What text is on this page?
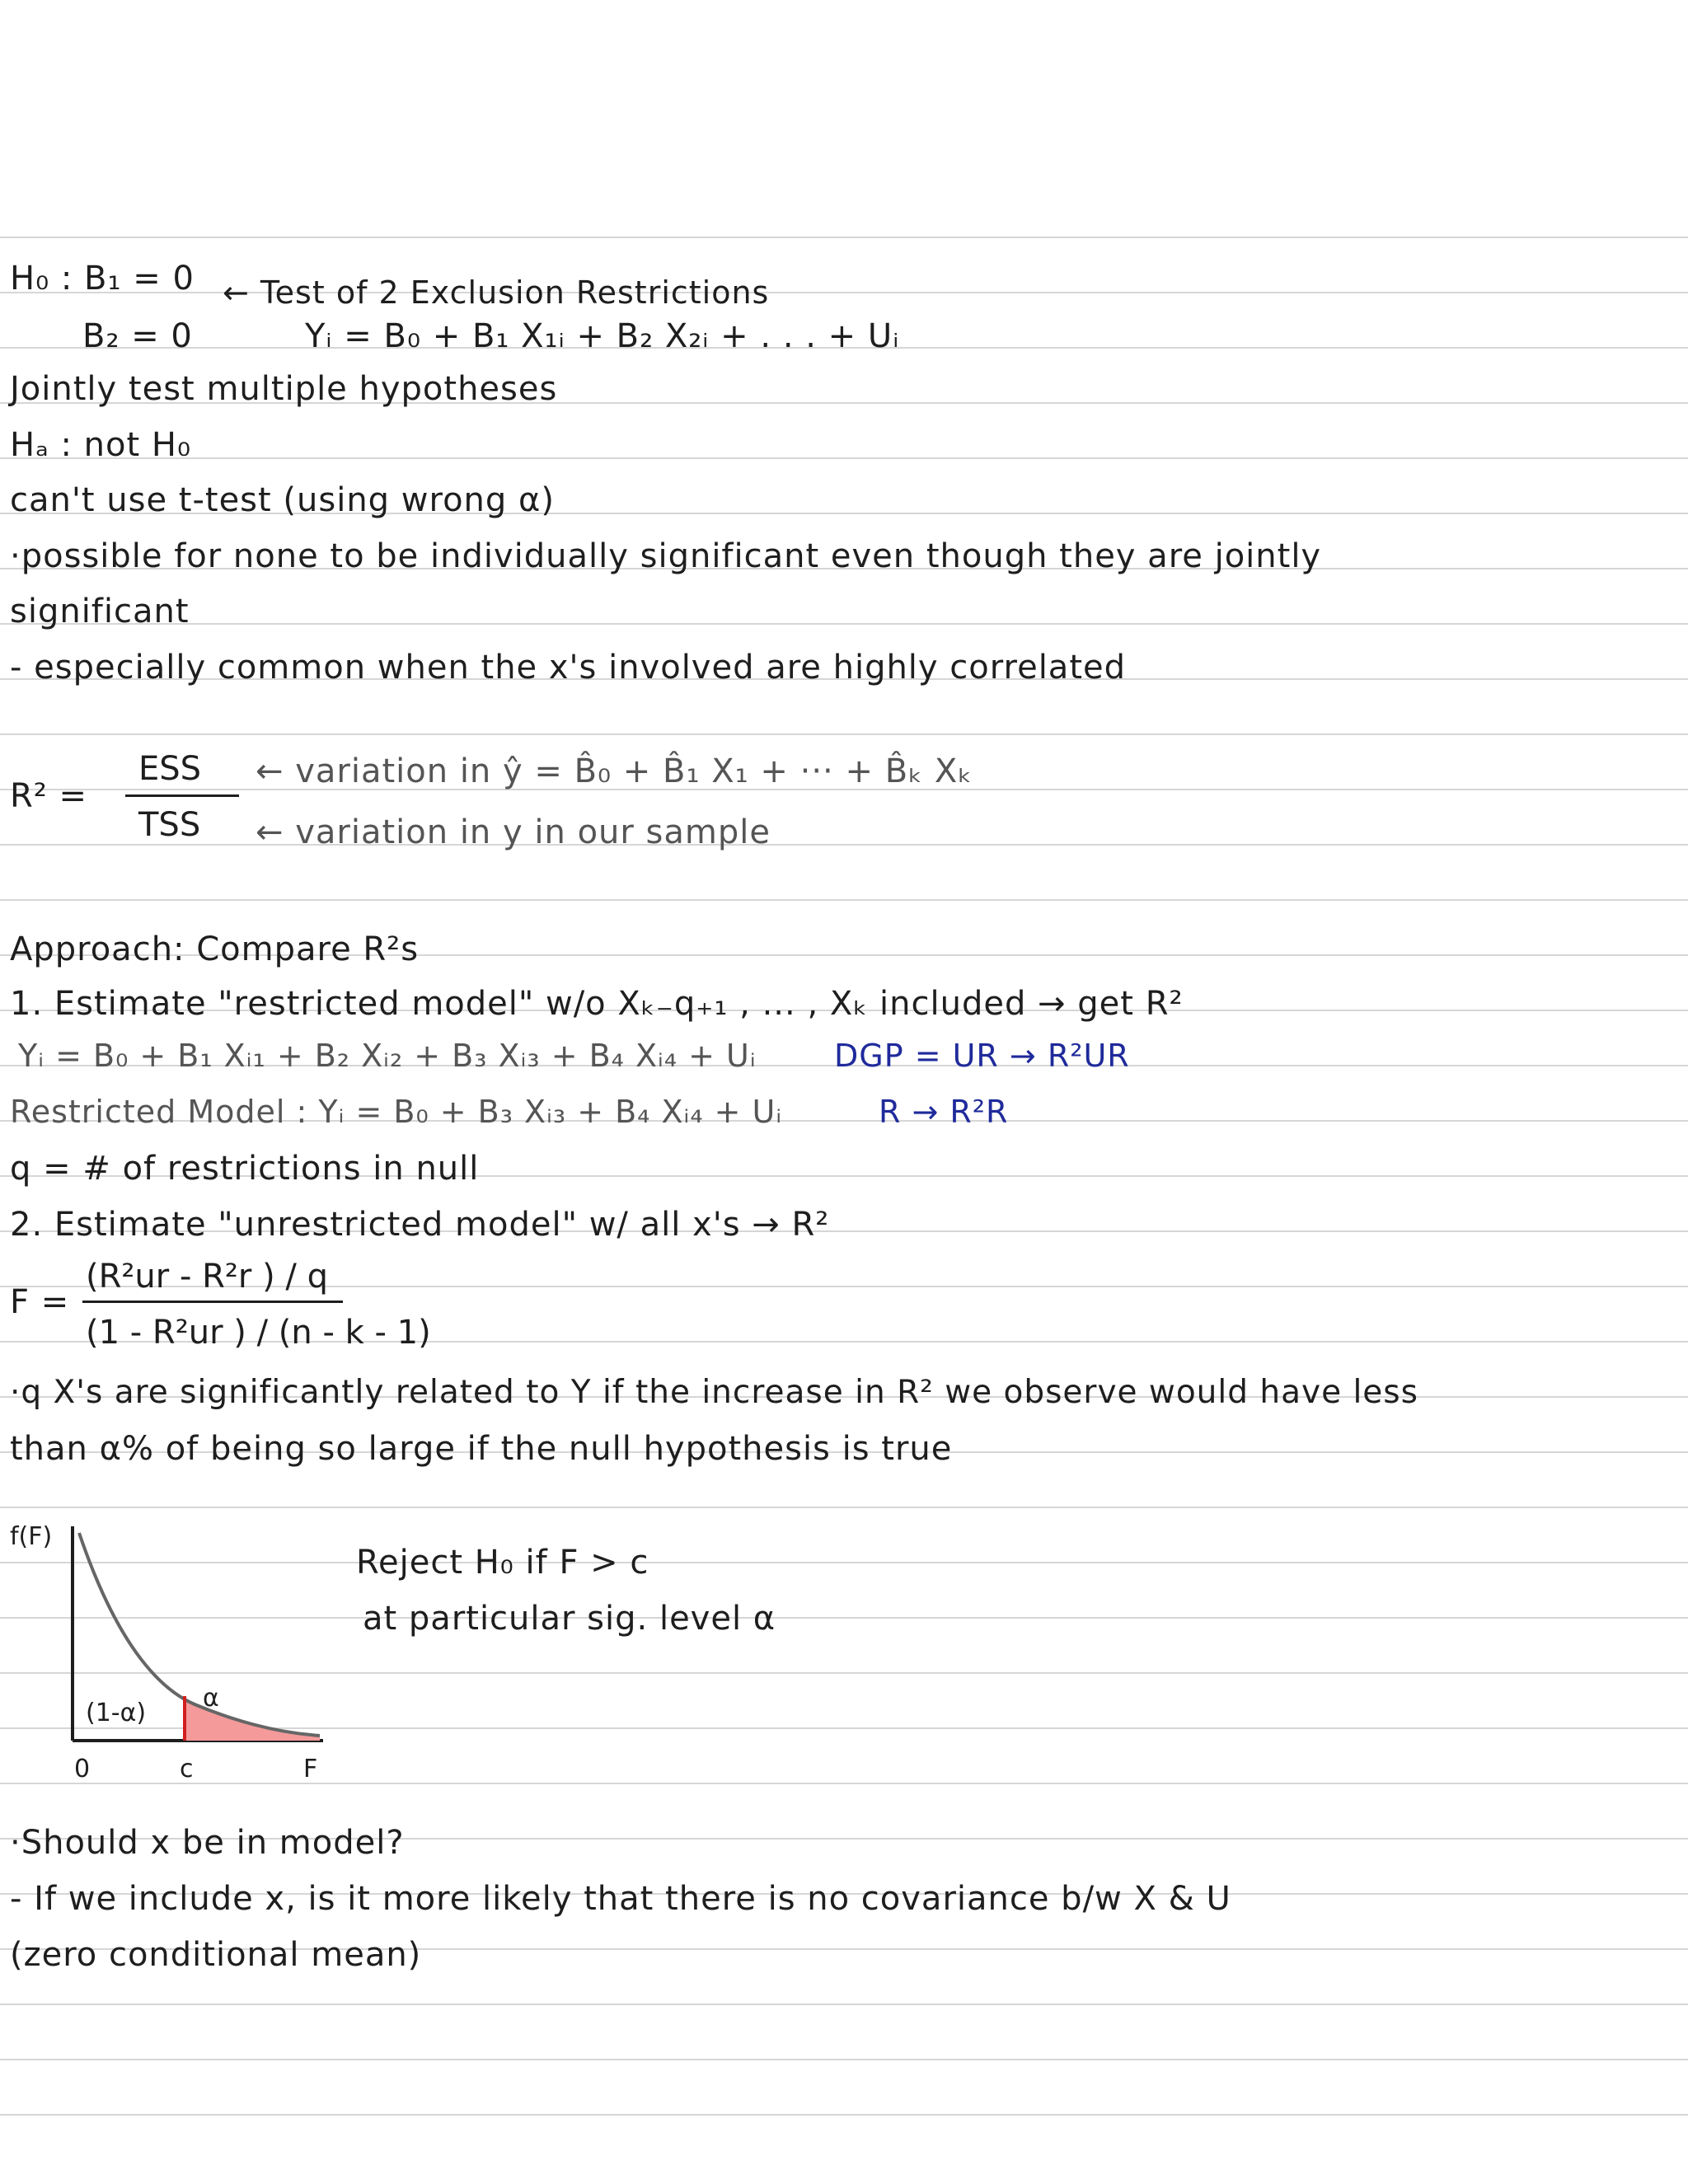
H₀ : B₁ = 0 ← Test of 2 Exclusion Restrictions
B₂ = 0	Yᵢ = B₀ + B₁ X₁ᵢ + B₂ X₂ᵢ + . . . + Uᵢ
Jointly test multiple hypotheses
Hₐ : not H₀
can't use t-test (using wrong α)
·possible for none to be individually significant even though they are jointly
significant
- especially common when the x's involved are highly correlated
R² =
ESS
TSS
← variation in ŷ = B̂₀ + B̂₁ X₁ + ··· + B̂ₖ Xₖ
← variation in y in our sample
Approach: Compare R²s
1. Estimate "restricted model" w/o Xₖ₋q₊₁ , ... , Xₖ included → get R²
Yᵢ = B₀ + B₁ Xᵢ₁ + B₂ Xᵢ₂ + B₃ Xᵢ₃ + B₄ Xᵢ₄ + Uᵢ DGP = UR → R²UR
Restricted Model : Yᵢ = B₀ + B₃ Xᵢ₃ + B₄ Xᵢ₄ + Uᵢ	R → R²R
q = # of restrictions in null
2. Estimate "unrestricted model" w/ all x's → R²
F =
(R²ur - R²r ) / q
(1 - R²ur ) / (n - k - 1)
·q X's are significantly related to Y if the increase in R² we observe would have less
than α% of being so large if the null hypothesis is true
f(F)
(1-α)
α
0	c	F
Reject H₀ if F > c
at particular sig. level α
·Should x be in model?
- If we include x, is it more likely that there is no covariance b/w X & U
(zero conditional mean)
